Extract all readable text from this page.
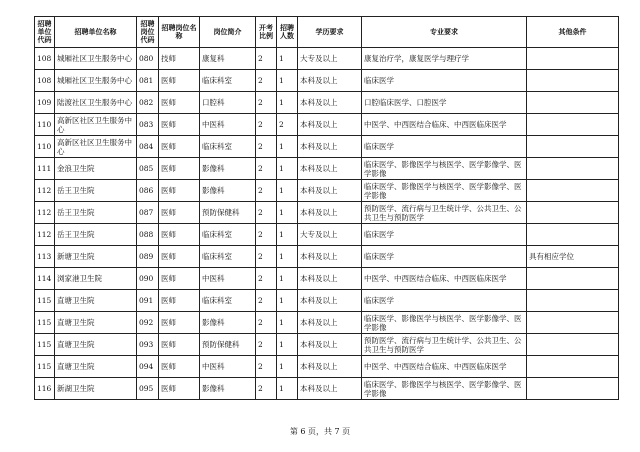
招聘单位代码	招聘单位名称	招聘岗位代码	招聘岗位名称	岗位简介	开考比例	招聘人数	学历要求	专业要求	其他条件
108	城厢社区卫生服务中心	080	技师	康复科	2	1	大专及以上	康复治疗学，康复医学与理疗学	
108	城厢社区卫生服务中心	081	医师	临床科室	2	1	本科及以上	临床医学	
109	陆渡社区卫生服务中心	082	医师	口腔科	2	1	本科及以上	口腔临床医学、口腔医学	
110	高新区社区卫生服务中心	083	医师	中医科	2	2	本科及以上	中医学、中西医结合临床、中西医临床医学	
110	高新区社区卫生服务中心	084	医师	临床科室	2	1	本科及以上	临床医学	
111	金浪卫生院	085	医师	影像科	2	1	本科及以上	临床医学、影像医学与核医学、医学影像学、医学影像	
112	岳王卫生院	086	医师	影像科	2	1	本科及以上	临床医学、影像医学与核医学、医学影像学、医学影像	
112	岳王卫生院	087	医师	预防保健科	2	1	本科及以上	预防医学、流行病与卫生统计学、公共卫生、公共卫生与预防医学	
112	岳王卫生院	088	医师	临床科室	2	1	大专及以上	临床医学	
113	新塘卫生院	089	医师	临床科室	2	1	本科及以上	临床医学	具有相应学位
114	浏家港卫生院	090	医师	中医科	2	1	本科及以上	中医学、中西医结合临床、中西医临床医学	
115	直塘卫生院	091	医师	临床科室	2	1	本科及以上	临床医学	
115	直塘卫生院	092	医师	影像科	2	1	本科及以上	临床医学、影像医学与核医学、医学影像学、医学影像	
115	直塘卫生院	093	医师	预防保健科	2	1	本科及以上	预防医学、流行病与卫生统计学、公共卫生、公共卫生与预防医学	
115	直塘卫生院	094	医师	中医科	2	1	本科及以上	中医学、中西医结合临床、中西医临床医学	
116	新湖卫生院	095	医师	影像科	2	1	本科及以上	临床医学、影像医学与核医学、医学影像学、医学影像	
第 6 页，共 7 页
